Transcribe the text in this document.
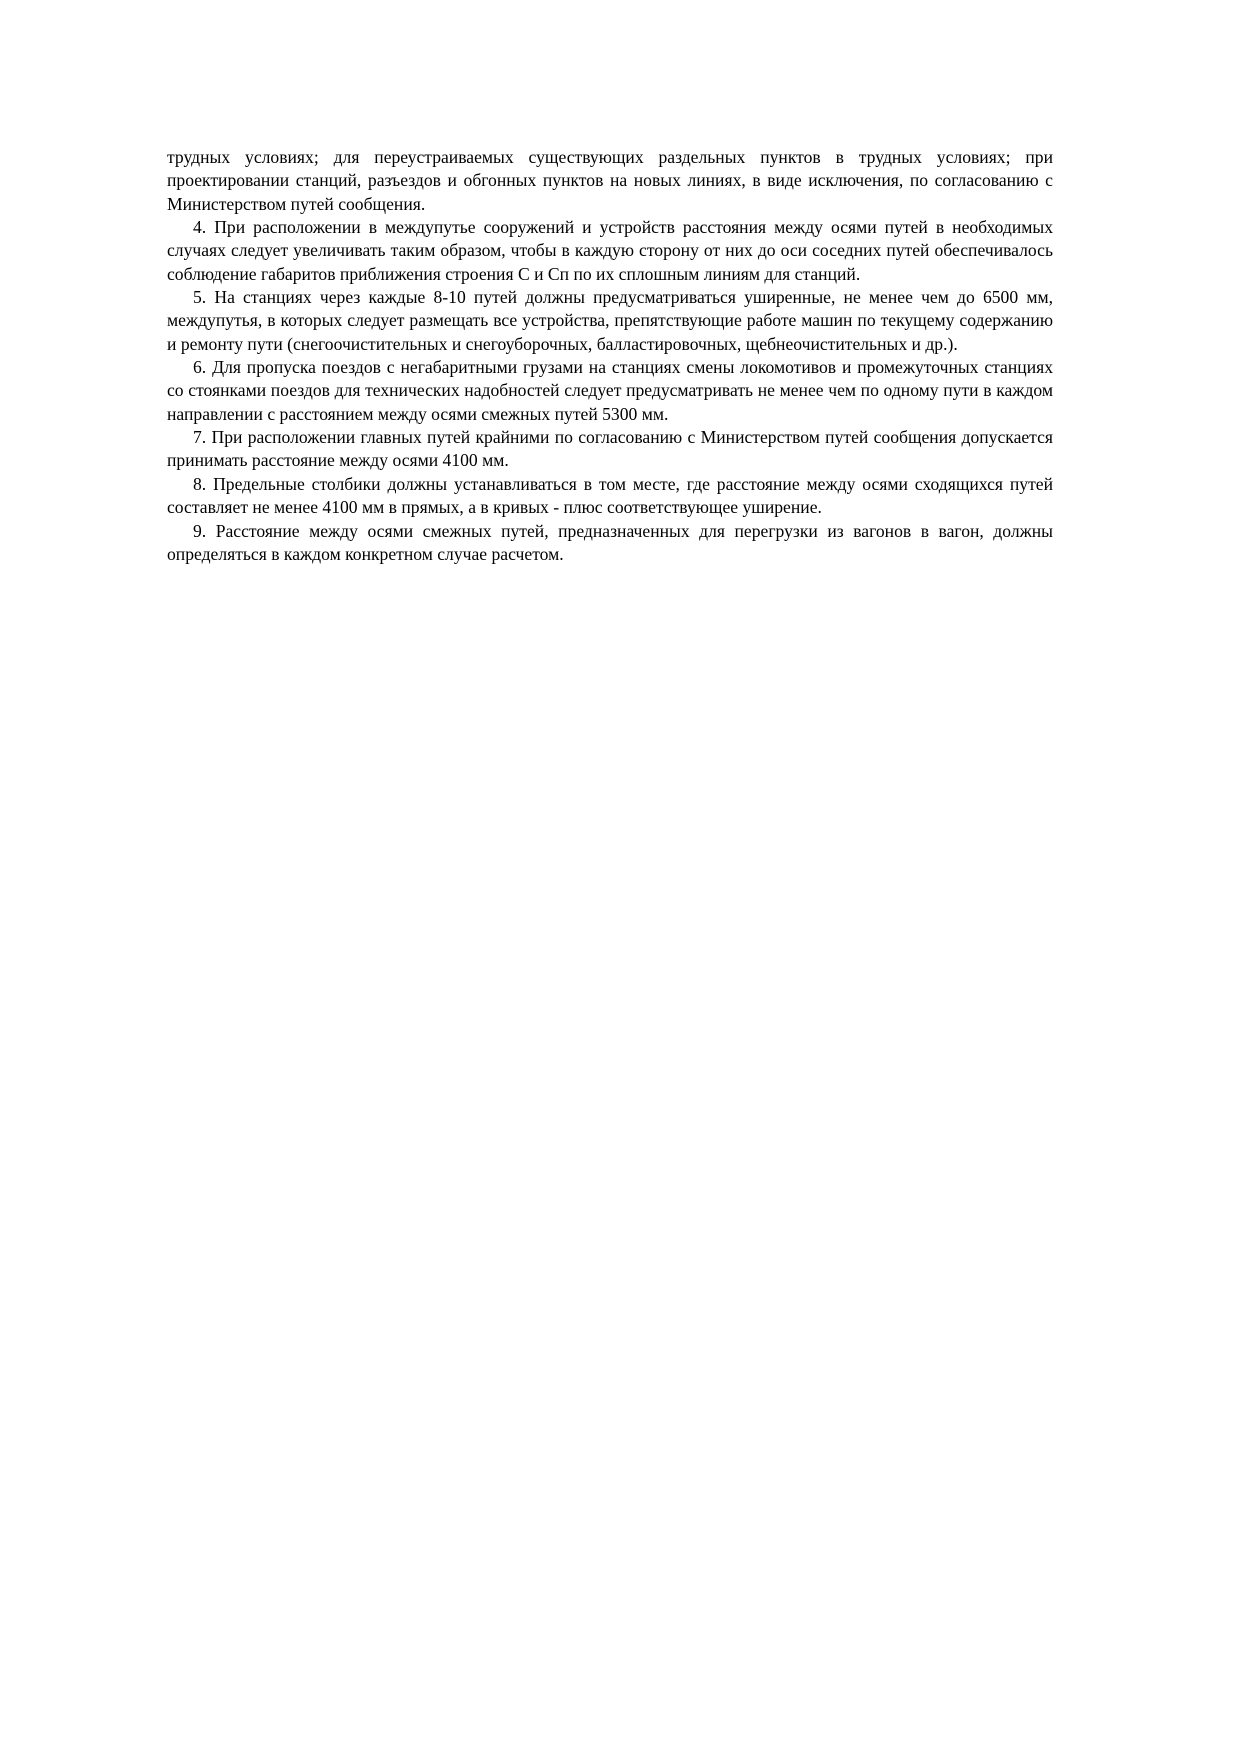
трудных условиях; для переустраиваемых существующих раздельных пунктов в трудных условиях; при проектировании станций, разъездов и обгонных пунктов на новых линиях, в виде исключения, по согласованию с Министерством путей сообщения.

4. При расположении в междупутье сооружений и устройств расстояния между осями путей в необходимых случаях следует увеличивать таким образом, чтобы в каждую сторону от них до оси соседних путей обеспечивалось соблюдение габаритов приближения строения С и Сп по их сплошным линиям для станций.

5. На станциях через каждые 8-10 путей должны предусматриваться уширенные, не менее чем до 6500 мм, междупутья, в которых следует размещать все устройства, препятствующие работе машин по текущему содержанию и ремонту пути (снегоочистительных и снегоуборочных, балластировочных, щебнеочистительных и др.).

6. Для пропуска поездов с негабаритными грузами на станциях смены локомотивов и промежуточных станциях со стоянками поездов для технических надобностей следует предусматривать не менее чем по одному пути в каждом направлении с расстоянием между осями смежных путей 5300 мм.

7. При расположении главных путей крайними по согласованию с Министерством путей сообщения допускается принимать расстояние между осями 4100 мм.

8. Предельные столбики должны устанавливаться в том месте, где расстояние между осями сходящихся путей составляет не менее 4100 мм в прямых, а в кривых - плюс соответствующее уширение.

9. Расстояние между осями смежных путей, предназначенных для перегрузки из вагонов в вагон, должны определяться в каждом конкретном случае расчетом.
